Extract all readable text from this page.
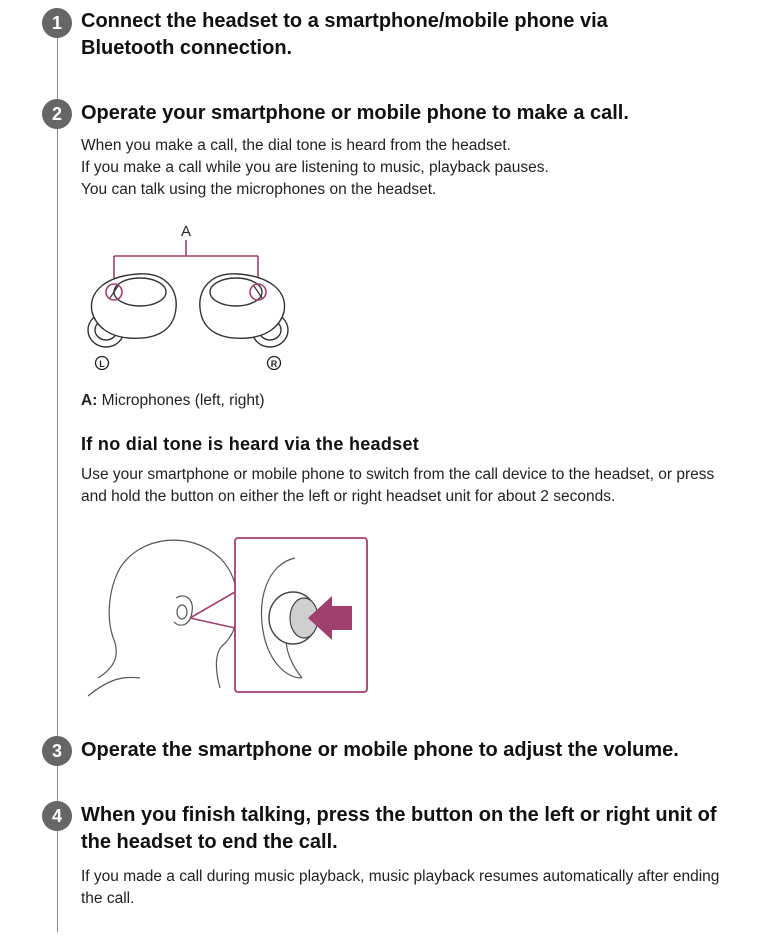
1 Connect the headset to a smartphone/mobile phone via Bluetooth connection.
2 Operate your smartphone or mobile phone to make a call.
When you make a call, the dial tone is heard from the headset.
If you make a call while you are listening to music, playback pauses.
You can talk using the microphones on the headset.
A
L	R
A: Microphones (left, right)
If no dial tone is heard via the headset
Use your smartphone or mobile phone to switch from the call device to the headset, or press and hold the button on either the left or right headset unit for about 2 seconds.
3 Operate the smartphone or mobile phone to adjust the volume.
4 When you finish talking, press the button on the left or right unit of the headset to end the call.
If you made a call during music playback, music playback resumes automatically after ending the call.
